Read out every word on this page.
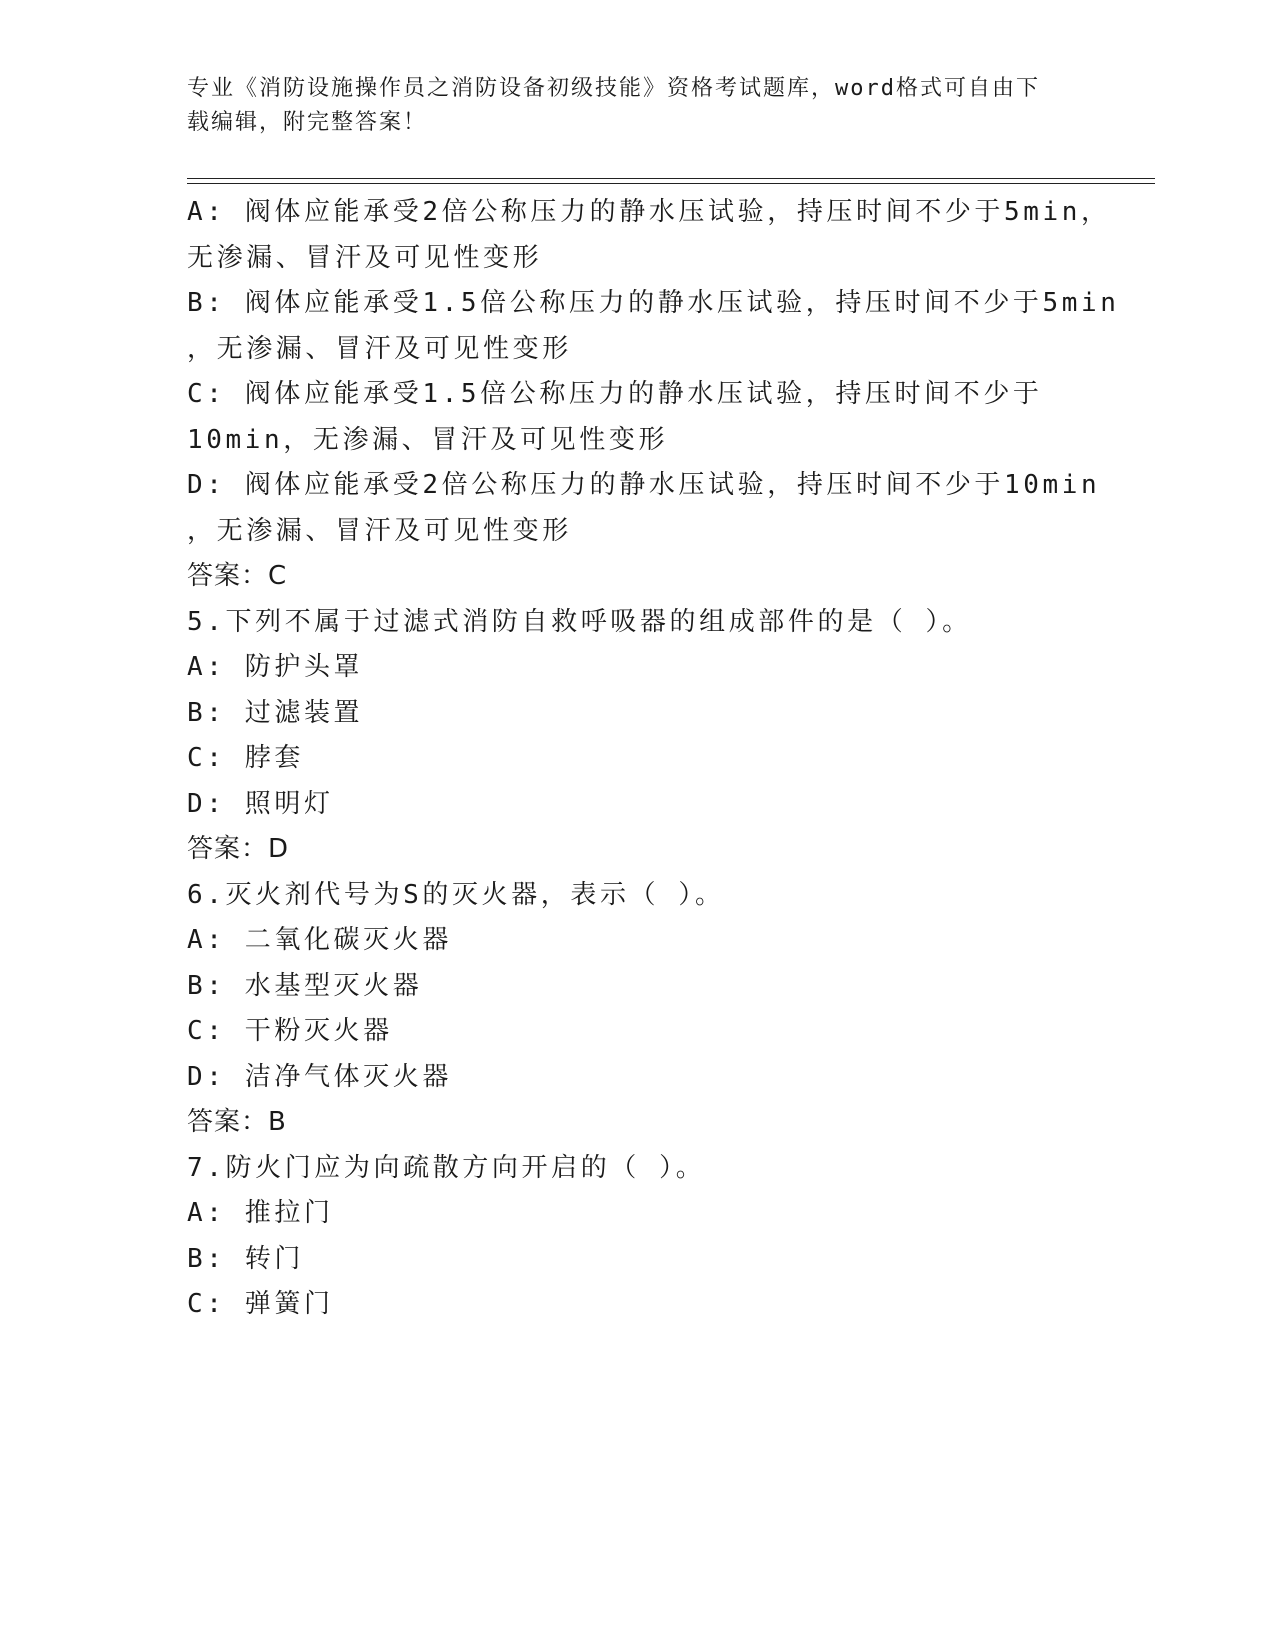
专业《消防设施操作员之消防设备初级技能》资格考试题库，word格式可自由下
载编辑，附完整答案！
A: 阀体应能承受2倍公称压力的静水压试验，持压时间不少于5min，
无渗漏、冒汗及可见性变形
B: 阀体应能承受1.5倍公称压力的静水压试验，持压时间不少于5min
，无渗漏、冒汗及可见性变形
C: 阀体应能承受1.5倍公称压力的静水压试验，持压时间不少于
10min，无渗漏、冒汗及可见性变形
D: 阀体应能承受2倍公称压力的静水压试验，持压时间不少于10min
，无渗漏、冒汗及可见性变形
答案：C
5.下列不属于过滤式消防自救呼吸器的组成部件的是（ ）。
A: 防护头罩
B: 过滤装置
C: 脖套
D: 照明灯
答案：D
6.灭火剂代号为S的灭火器，表示（ ）。
A: 二氧化碳灭火器
B: 水基型灭火器
C: 干粉灭火器
D: 洁净气体灭火器
答案：B
7.防火门应为向疏散方向开启的（ ）。
A: 推拉门
B: 转门
C: 弹簧门
